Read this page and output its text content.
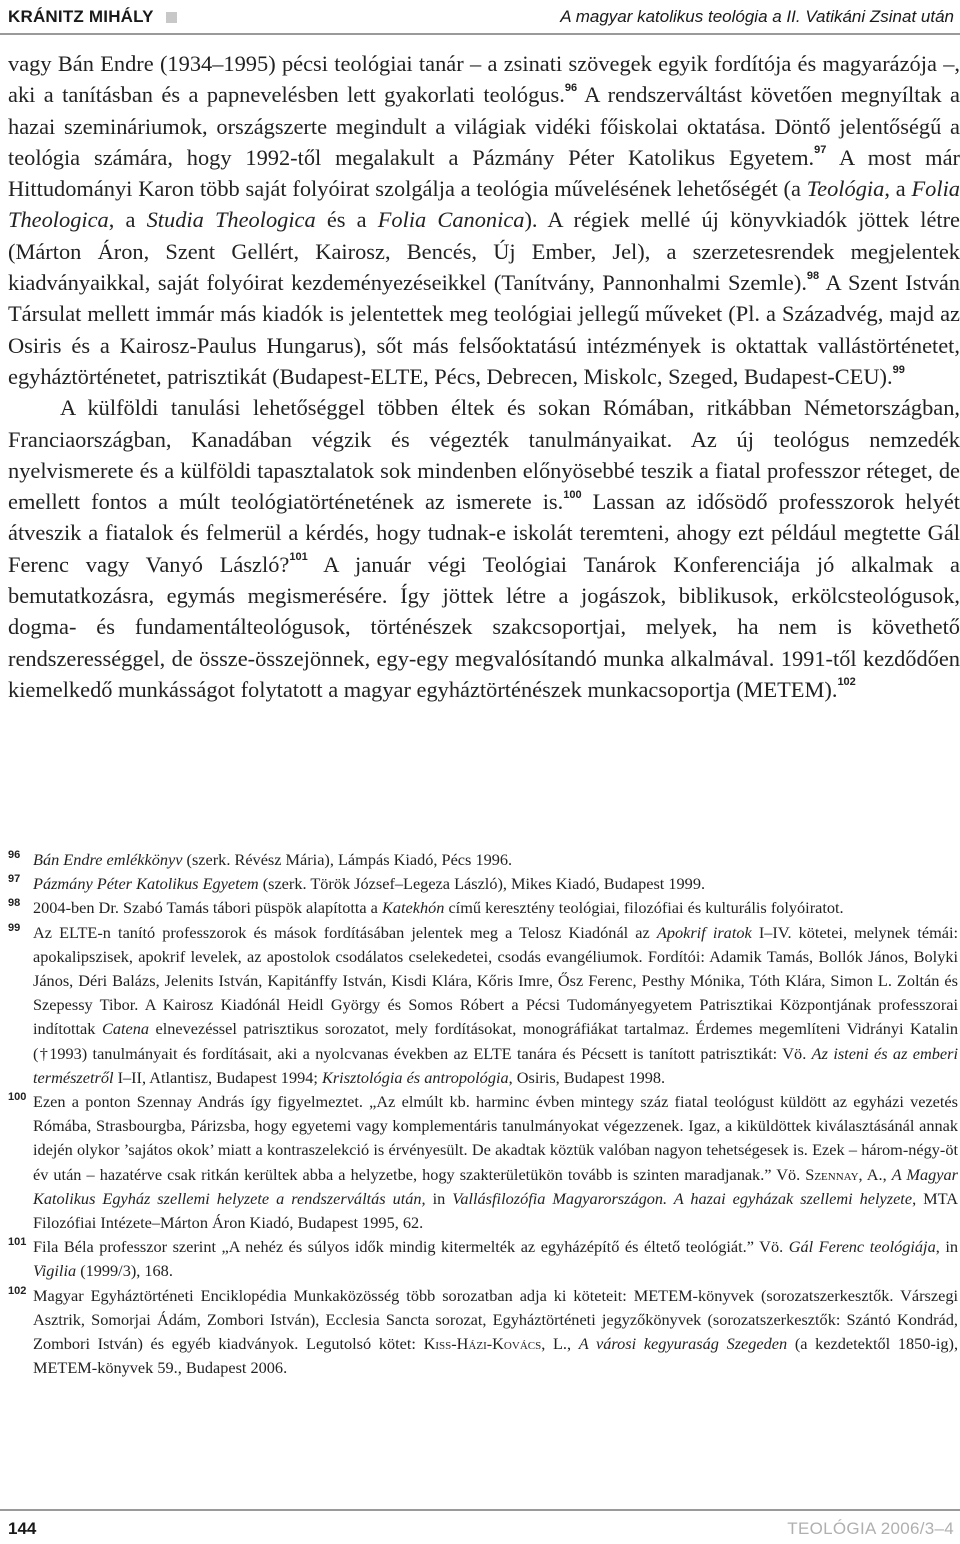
KRÁNITZ MIHÁLY	A magyar katolikus teológia a II. Vatikáni Zsinat után

vagy Bán Endre (1934–1995) pécsi teológiai tanár – a zsinati szövegek egyik fordítója és magyarázója –, aki a tanításban és a papnevelésben lett gyakorlati teológus.$^{96}$ A rendszerváltást követően megnyíltak a hazai szemináriumok, országszerte megindult a világiak vidéki főiskolai oktatása. Döntő jelentőségű a teológia számára, hogy 1992-től megalakult a Pázmány Péter Katolikus Egyetem.$^{97}$ A most már Hittudományi Karon több saját folyóirat szolgálja a teológia művelésének lehetőségét (a Teológia, a Folia Theologica, a Studia Theologica és a Folia Canonica). A régiek mellé új könyvkiadók jöttek létre (Márton Áron, Szent Gellért, Kairosz, Bencés, Új Ember, Jel), a szerzetesrendek megjelentek kiadványaikkal, saját folyóirat kezdeményezéseikkel (Tanítvány, Pannonhalmi Szemle).$^{98}$ A Szent István Társulat mellett immár más kiadók is jelentettek meg teológiai jellegű műveket (Pl. a Századvég, majd az Osiris és a Kairosz-Paulus Hungarus), sőt más felsőoktatású intézmények is oktattak vallástörténetet, egyháztörténetet, patrisztikát (Budapest-ELTE, Pécs, Debrecen, Miskolc, Szeged, Budapest-CEU).$^{99}$

A külföldi tanulási lehetőséggel többen éltek és sokan Rómában, ritkábban Németországban, Franciaországban, Kanadában végzik és végezték tanulmányaikat. Az új teológus nemzedék nyelvismerete és a külföldi tapasztalatok sok mindenben előnyösebbé teszik a fiatal professzor réteget, de emellett fontos a múlt teológiatörténetének az ismerete is.$^{100}$ Lassan az idősödő professzorok helyét átveszik a fiatalok és felmerül a kérdés, hogy tudnak-e iskolát teremteni, ahogy ezt például megtette Gál Ferenc vagy Vanyó László?$^{101}$ A január végi Teológiai Tanárok Konferenciája jó alkalmak a bemutatkozásra, egymás megismerésére. Így jöttek létre a jogászok, biblikusok, erkölcsteológusok, dogma- és fundamentálteológusok, történészek szakcsoportjai, melyek, ha nem is követhető rendszerességgel, de össze-összejönnek, egy-egy megvalósítandó munka alkalmával. 1991-től kezdődően kiemelkedő munkásságot folytatott a magyar egyháztörténészek munkacsoportja (METEM).$^{102}$

96 Bán Endre emlékkönyv (szerk. Révész Mária), Lámpás Kiadó, Pécs 1996.
97 Pázmány Péter Katolikus Egyetem (szerk. Török József–Legeza László), Mikes Kiadó, Budapest 1999.
98 2004-ben Dr. Szabó Tamás tábori püspök alapította a Katekhón című keresztény teológiai, filozófiai és kulturális folyóiratot.
99 Az ELTE-n tanító professzorok és mások fordításában jelentek meg a Telosz Kiadónál az Apokrif iratok I–IV. kötetei, melynek témái: apokalipszisek, apokrif levelek, az apostolok csodálatos cselekedetei, csodás evangéliumok. Fordítói: Adamik Tamás, Bollók János, Bolyki János, Déri Balázs, Jelenits István, Kapitánffy István, Kisdi Klára, Kőris Imre, Ősz Ferenc, Pesthy Mónika, Tóth Klára, Simon L. Zoltán és Szepessy Tibor. A Kairosz Kiadónál Heidl György és Somos Róbert a Pécsi Tudományegyetem Patrisztikai Központjának professzorai indítottak Catena elnevezéssel patrisztikus sorozatot, mely fordításokat, monográfiákat tartalmaz. Érdemes megemlíteni Vidrányi Katalin (†1993) tanulmányait és fordításait, aki a nyolcvanas években az ELTE tanára és Pécsett is tanított patrisztikát: Vö. Az isteni és az emberi természetről I–II, Atlantisz, Budapest 1994; Krisztológia és antropológia, Osiris, Budapest 1998.
100 Ezen a ponton Szennay András így figyelmeztet. „Az elmúlt kb. harminc évben mintegy száz fiatal teológust küldött az egyházi vezetés Rómába, Strasbourgba, Párizsba, hogy egyetemi vagy komplementáris tanulmányokat végezzenek. Igaz, a kiküldöttek kiválasztásánál annak idején olykor ’sajátos okok’ miatt a kontraszelekció is érvényesült. De akadtak köztük valóban nagyon tehetségesek is. Ezek – három-négy-öt év után – hazatérve csak ritkán kerültek abba a helyzetbe, hogy szakterületükön tovább is szinten maradjanak.” Vö. Szennay, A., A Magyar Katolikus Egyház szellemi helyzete a rendszerváltás után, in Vallásfilozófia Magyarországon. A hazai egyházak szellemi helyzete, MTA Filozófiai Intézete–Márton Áron Kiadó, Budapest 1995, 62.
101 Fila Béla professzor szerint „A nehéz és súlyos idők mindig kitermelték az egyházépítő és éltető teológiát.” Vö. Gál Ferenc teológiája, in Vigilia (1999/3), 168.
102 Magyar Egyháztörténeti Enciklopédia Munkaközösség több sorozatban adja ki köteteit: METEM-könyvek (sorozatszerkesztők. Várszegi Asztrik, Somorjai Ádám, Zombori István), Ecclesia Sancta sorozat, Egyháztörténeti jegyzőkönyvek (sorozatszerkesztők: Szántó Kondrád, Zombori István) és egyéb kiadványok. Legutolsó kötet: Kiss-Házi-Kovács, L., A városi kegyuraság Szegeden (a kezdetektől 1850-ig), METEM-könyvek 59., Budapest 2006.
144	TEOLÓGIA 2006/3–4
